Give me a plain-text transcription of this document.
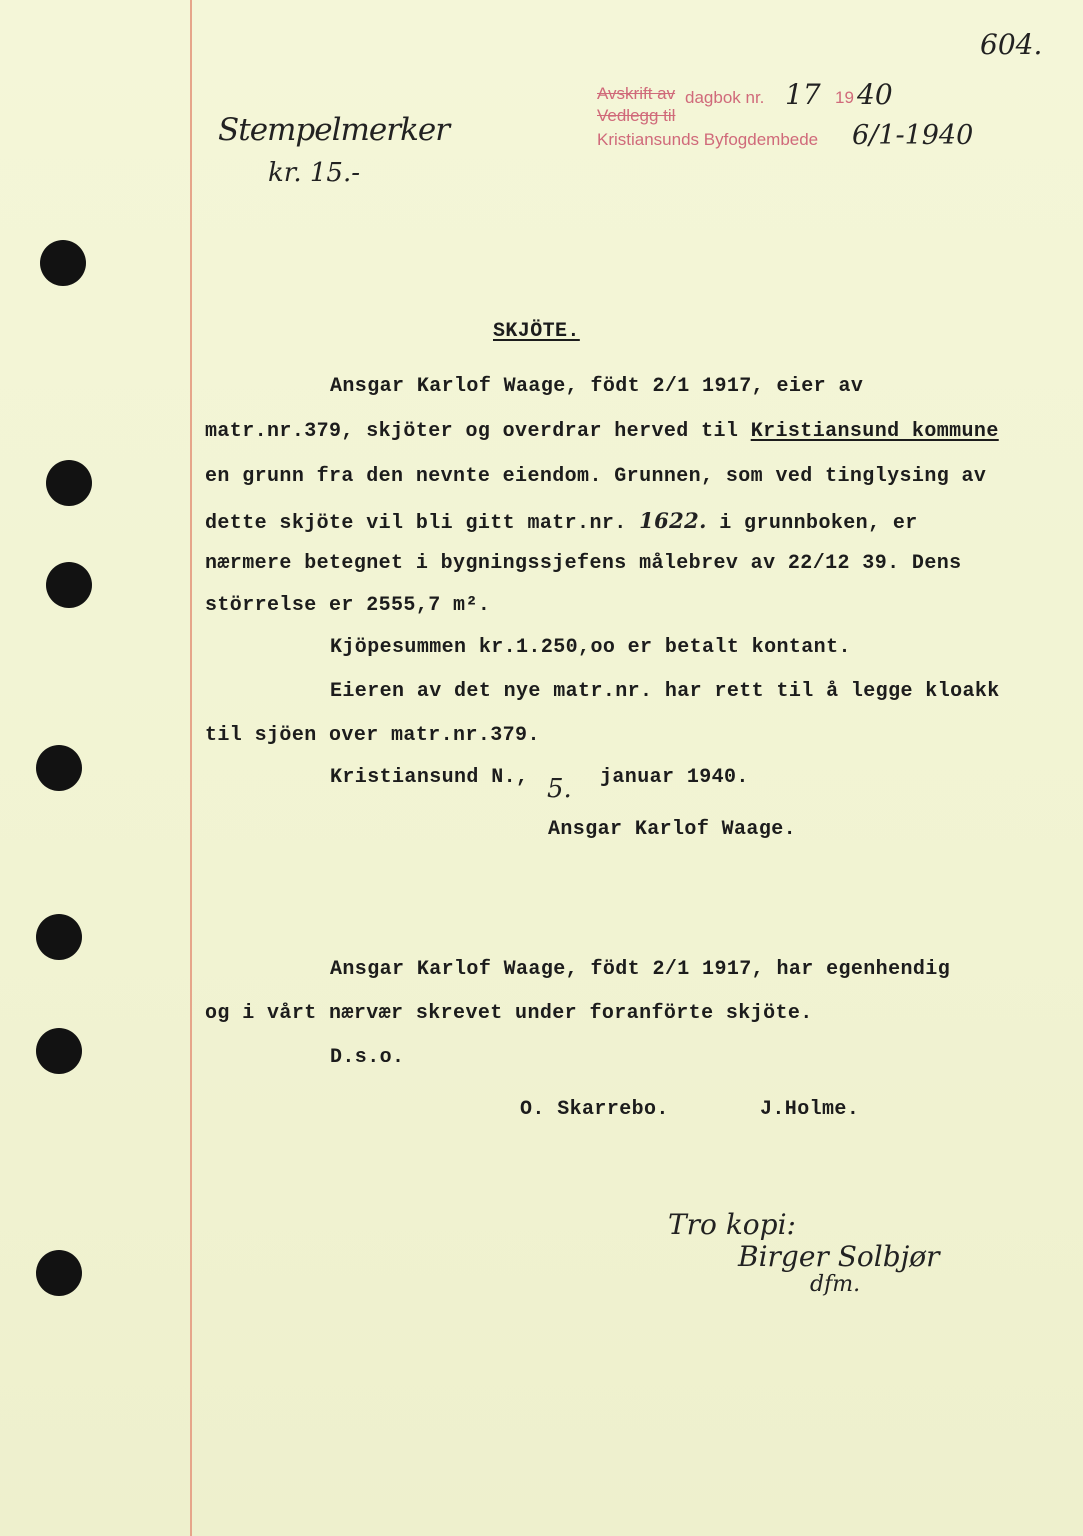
604.
Stempelmerker
kr. 15.-
Avskrift av dagbok nr. 17 19 40
Vedlegg til
Kristiansunds Byfogdembede 6/1-1940
SKJÖTE.
Ansgar Karlof Waage, födt 2/1 1917, eier av
matr.nr.379, skjöter og overdrar herved til Kristiansund kommune
en grunn fra den nevnte eiendom. Grunnen, som ved tinglysing av
dette skjöte vil bli gitt matr.nr. 1622. i grunnboken, er
nærmere betegnet i bygningssjefens målebrev av 22/12 39. Dens
störrelse er 2555,7 m².
Kjöpesummen kr.1.250,oo er betalt kontant.
Eieren av det nye matr.nr. har rett til å legge kloakk
til sjöen over matr.nr.379.
Kristiansund N., 5. januar 1940.
Ansgar Karlof Waage.
Ansgar Karlof Waage, födt 2/1 1917, har egenhendig
og i vårt nærvær skrevet under foranförte skjöte.
D.s.o.
O. Skarrebo.	J.Holme.
Tro kopi:
Birger Solbjør
dfm.
